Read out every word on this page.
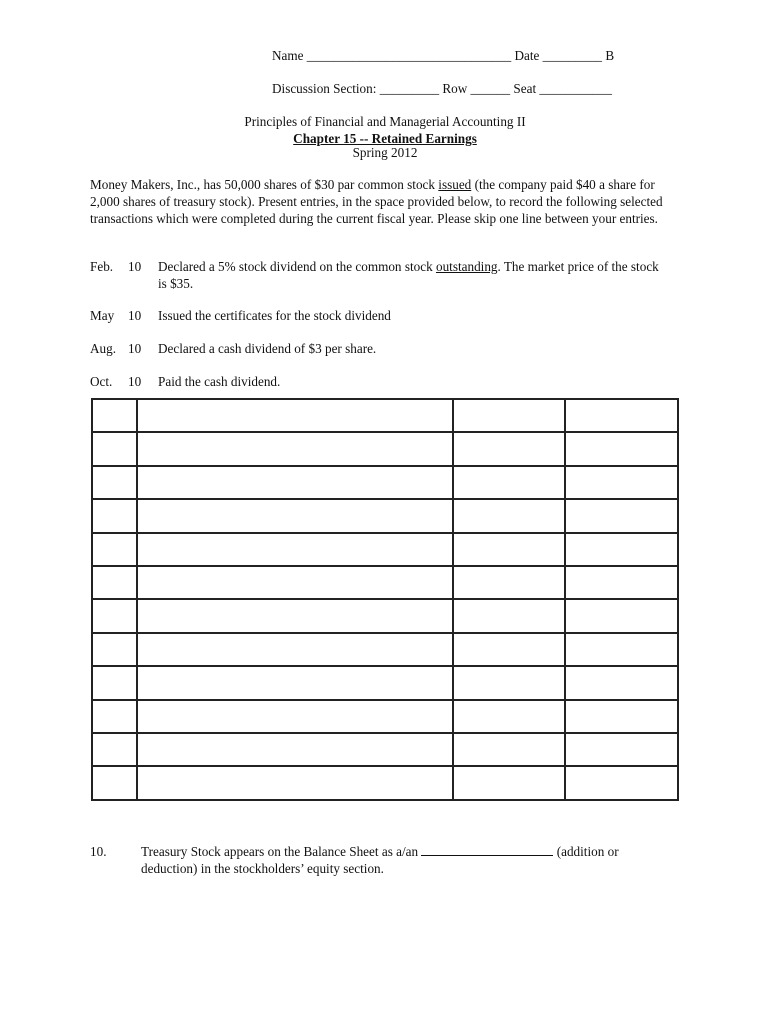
Name _______________________________ Date _________ B
Discussion Section: _________ Row ______ Seat ___________
Principles of Financial and Managerial Accounting II
Chapter 15 -- Retained Earnings
Spring 2012
Money Makers, Inc., has 50,000 shares of $30 par common stock issued (the company paid $40 a share for 2,000 shares of treasury stock). Present entries, in the space provided below, to record the following selected transactions which were completed during the current fiscal year. Please skip one line between your entries.
Feb. 10 Declared a 5% stock dividend on the common stock outstanding. The market price of the stock is $35.
May 10 Issued the certificates for the stock dividend
Aug. 10 Declared a cash dividend of $3 per share.
Oct. 10 Paid the cash dividend.

10.	Treasury Stock appears on the Balance Sheet as a/an	(addition or deduction) in the stockholders’ equity section.
